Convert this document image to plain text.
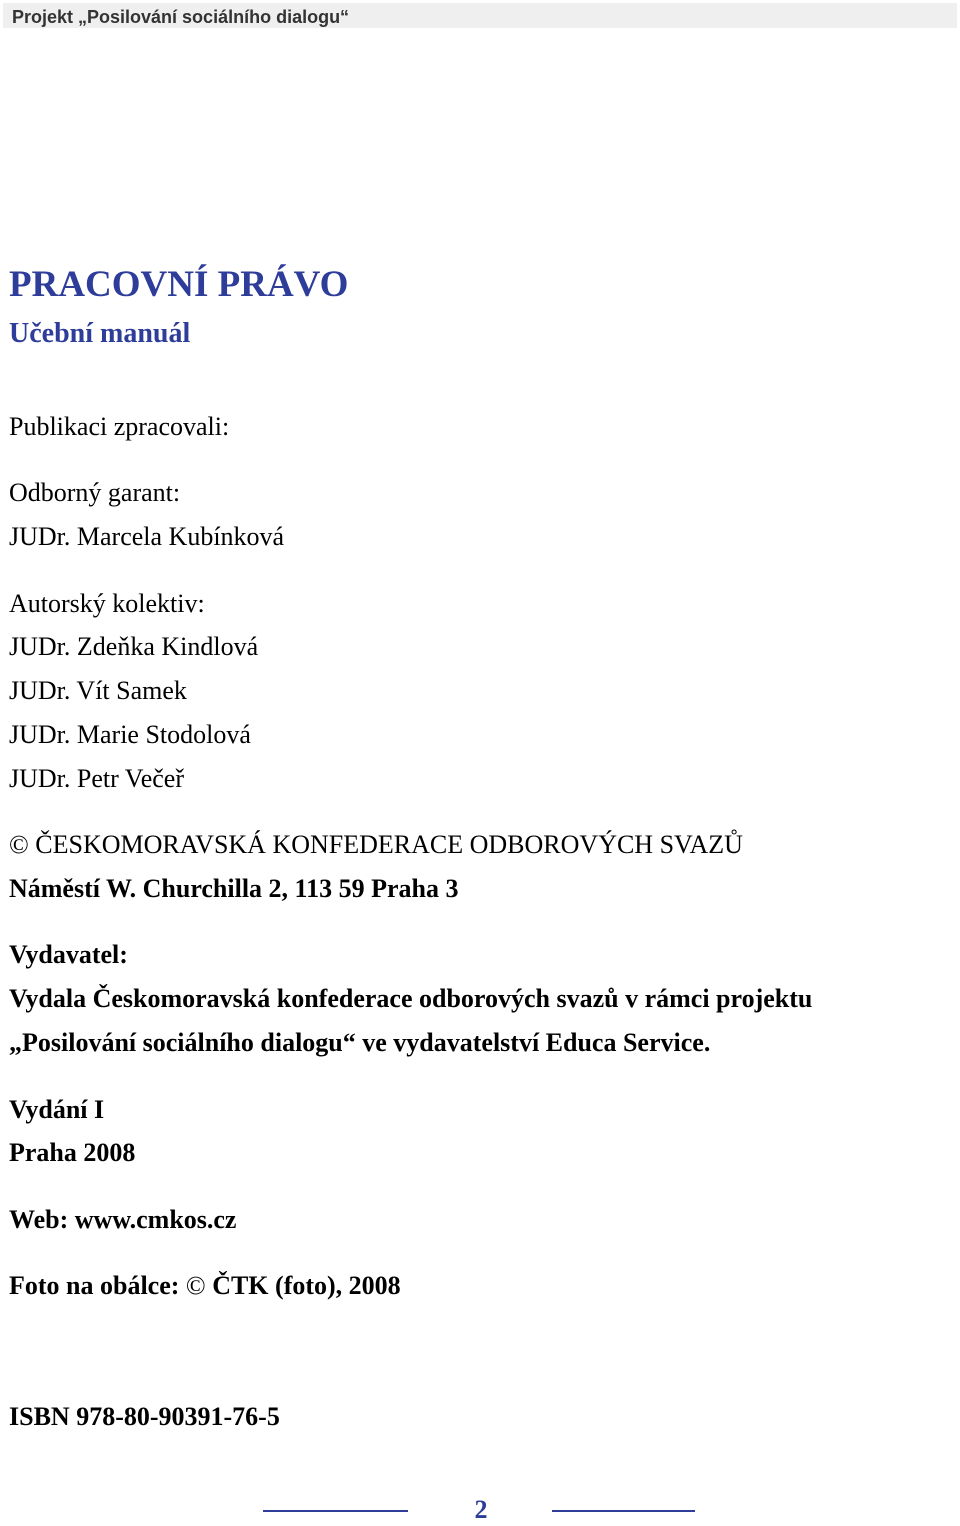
Projekt „Posilování sociálního dialogu“
PRACOVNÍ PRÁVO
Učební manuál
Publikaci zpracovali:
Odborný garant:
JUDr. Marcela Kubínková
Autorský kolektiv:
JUDr. Zdeňka Kindlová
JUDr. Vít Samek
JUDr. Marie Stodolová
JUDr. Petr Večeř
© ČESKOMORAVSKÁ KONFEDERACE ODBOROVÝCH SVAZŮ
Náměstí W. Churchilla 2, 113 59 Praha 3
Vydavatel:
Vydala Českomoravská konfederace odborových svazů v rámci projektu
„Posilování sociálního dialogu“ ve vydavatelství Educa Service.
Vydání I
Praha 2008
Web: www.cmkos.cz
Foto na obálce: © ČTK (foto), 2008
ISBN 978-80-90391-76-5
2
